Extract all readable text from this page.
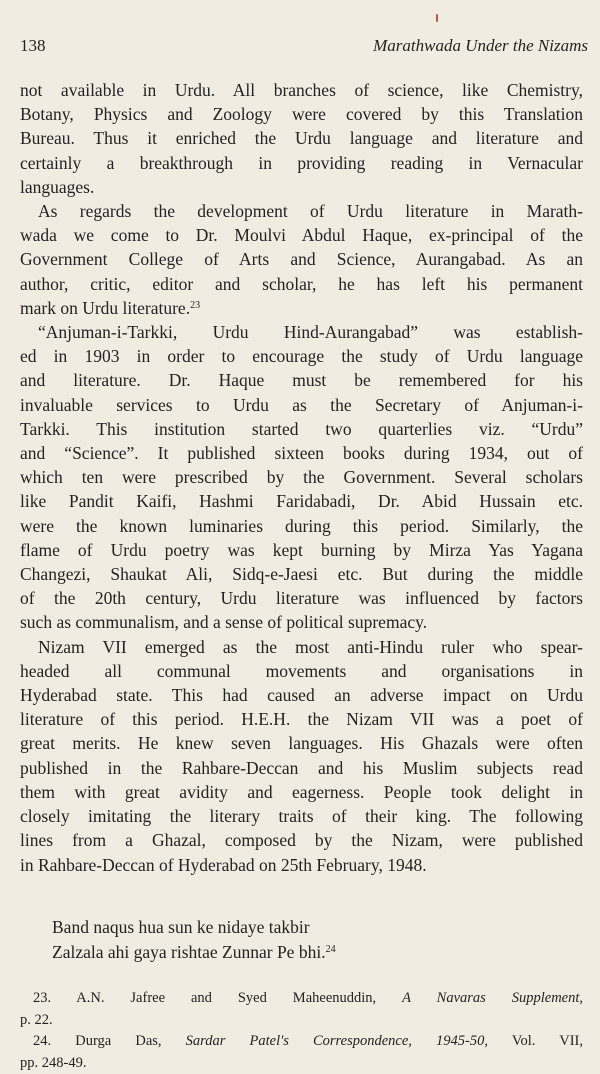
138	Marathwada Under the Nizams

not available in Urdu. All branches of science, like Chemistry,
Botany, Physics and Zoology were covered by this Translation
Bureau. Thus it enriched the Urdu language and literature and
certainly a breakthrough in providing reading in Vernacular
languages.

As regards the development of Urdu literature in Marath-
wada we come to Dr. Moulvi Abdul Haque, ex-principal of the
Government College of Arts and Science, Aurangabad. As an
author, critic, editor and scholar, he has left his permanent
mark on Urdu literature.$^{23}$

“Anjuman-i-Tarkki, Urdu Hind-Aurangabad” was establish-
ed in 1903 in order to encourage the study of Urdu language
and literature. Dr. Haque must be remembered for his
invaluable services to Urdu as the Secretary of Anjuman-i-
Tarkki. This institution started two quarterlies viz. “Urdu”
and “Science”. It published sixteen books during 1934, out of
which ten were prescribed by the Government. Several scholars
like Pandit Kaifi, Hashmi Faridabadi, Dr. Abid Hussain etc.
were the known luminaries during this period. Similarly, the
flame of Urdu poetry was kept burning by Mirza Yas Yagana
Changezi, Shaukat Ali, Sidq-e-Jaesi etc. But during the middle
of the 20th century, Urdu literature was influenced by factors
such as communalism, and a sense of political supremacy.

Nizam VII emerged as the most anti-Hindu ruler who spear-
headed all communal movements and organisations in
Hyderabad state. This had caused an adverse impact on Urdu
literature of this period. H.E.H. the Nizam VII was a poet of
great merits. He knew seven languages. His Ghazals were often
published in the Rahbare-Deccan and his Muslim subjects read
them with great avidity and eagerness. People took delight in
closely imitating the literary traits of their king. The following
lines from a Ghazal, composed by the Nizam, were published
in Rahbare-Deccan of Hyderabad on 25th February, 1948.

Band naqus hua sun ke nidaye takbir
Zalzala ahi gaya rishtae Zunnar Pe bhi.$^{24}$
23. A.N. Jafree and Syed Maheenuddin, A Navaras Supplement,
p. 22.
24. Durga Das, Sardar Patel's Correspondence, 1945-50, Vol. VII,
pp. 248-49.
